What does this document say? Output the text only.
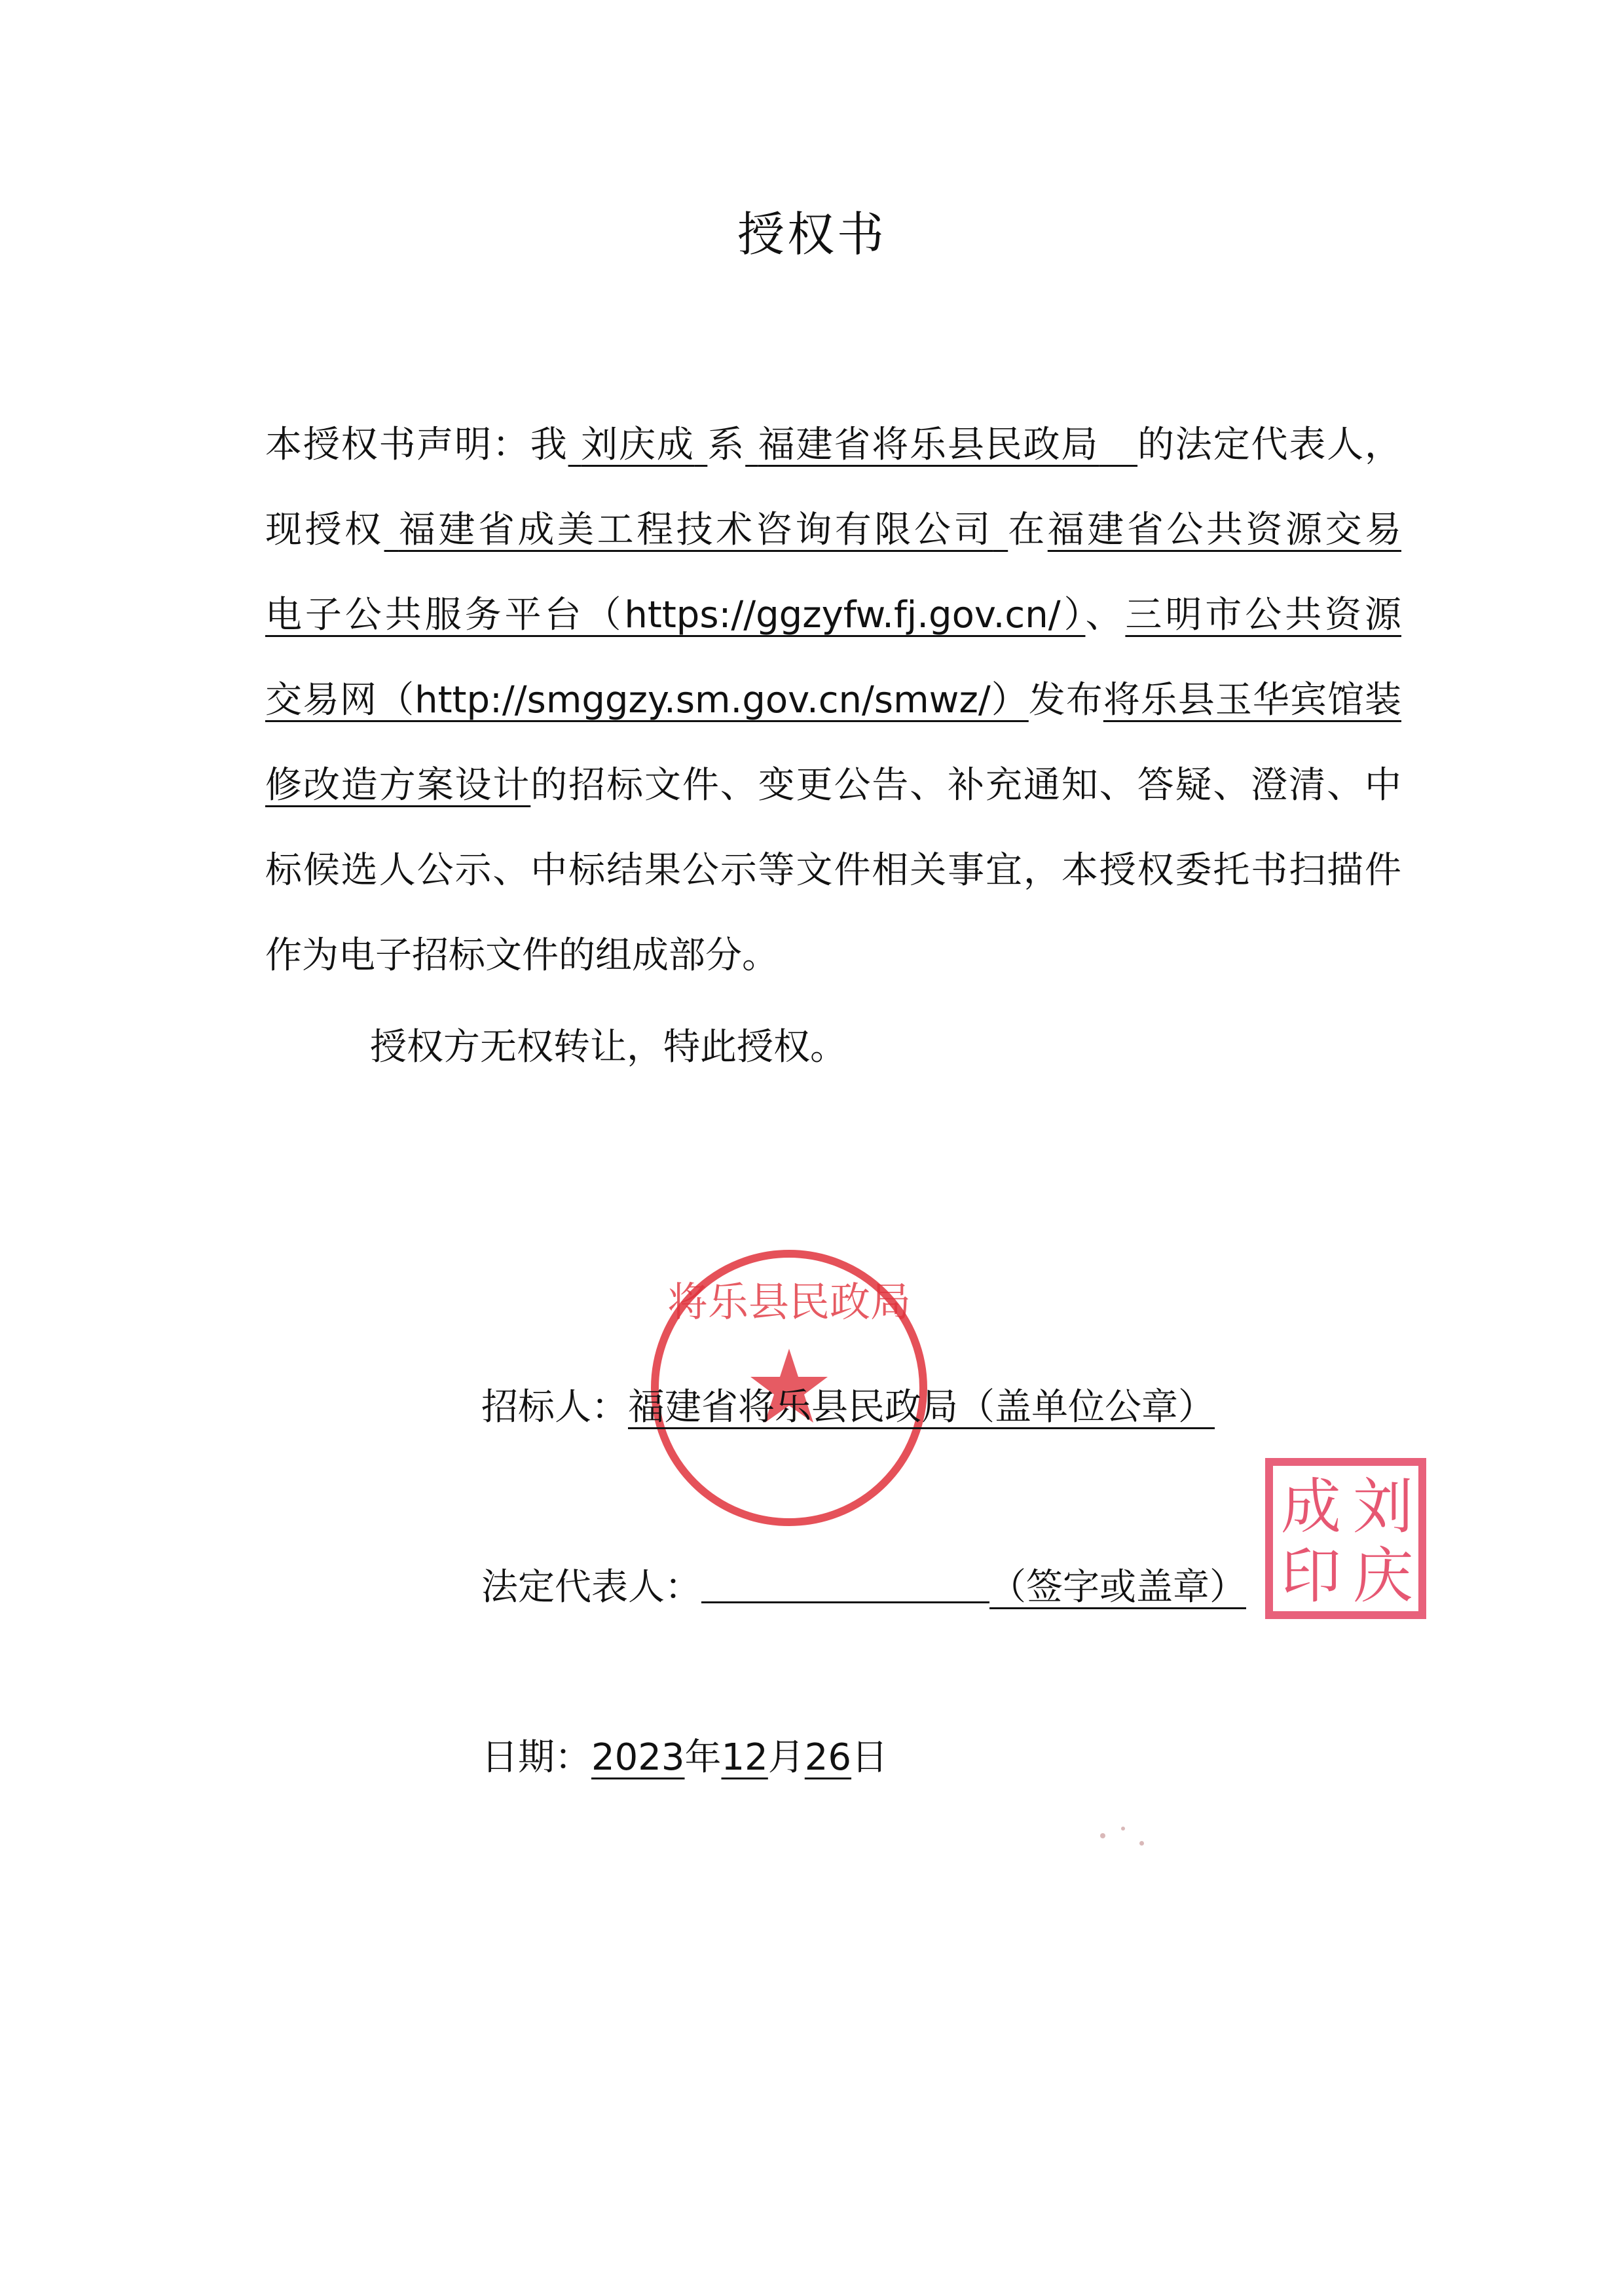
授权书
本授权书声明：我 刘庆成 系 福建省将乐县民政局 的法定代表人，
现授权 福建省成美工程技术咨询有限公司 在福建省公共资源交易
电子公共服务平台（https://ggzyfw.fj.gov.cn/）、三明市公共资源
交易网（http://smggzy.sm.gov.cn/smwz/）发布将乐县玉华宾馆装
修改造方案设计的招标文件、变更公告、补充通知、答疑、澄清、中
标候选人公示、中标结果公示等文件相关事宜，本授权委托书扫描件
作为电子招标文件的组成部分。
授权方无权转让，特此授权。
将乐县民政局
刘
庆
成
印
招标人：福建省将乐县民政局（盖单位公章）
法定代表人：	（签字或盖章）
日期：2023年12月26日
